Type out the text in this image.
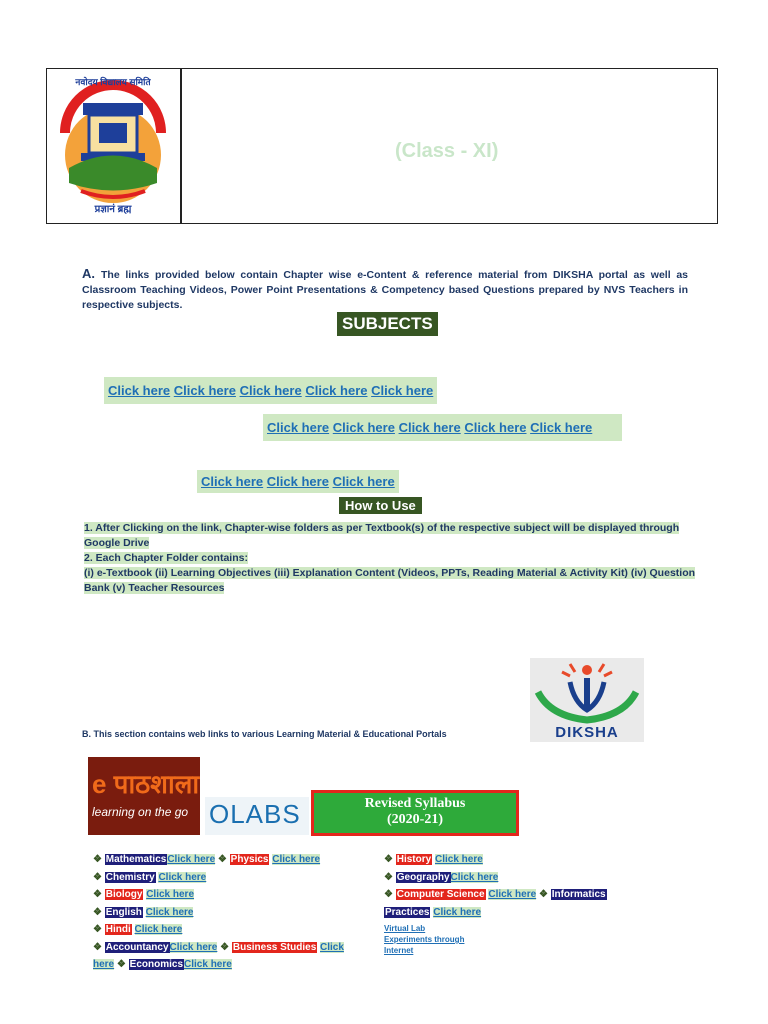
नवोदय विद्यालय समिति
प्रज्ञानं ब्रह्म
(Class - XI)
A. The links provided below contain Chapter wise e-Content & reference material from DIKSHA portal as well as Classroom Teaching Videos, Power Point Presentations & Competency based Questions prepared by NVS Teachers in respective subjects.
SUBJECTS
Click here Click here Click here Click here Click here
Click here Click here Click here Click here Click here
Click here Click here Click here
How to Use
1. After Clicking on the link, Chapter-wise folders as per Textbook(s) of the respective subject will be displayed through Google Drive
2. Each Chapter Folder contains:
(i) e-Textbook (ii) Learning Objectives (iii) Explanation Content (Videos, PPTs, Reading Material & Activity Kit) (iv) Question Bank (v) Teacher Resources
DIKSHA
B. This section contains web links to various Learning Material & Educational Portals
e पाठशाला
learning on the go OLABS	Revised Syllabus
(2020-21)
❖ MathematicsClick here ❖ Physics Click here
❖ Chemistry Click here
❖ Biology Click here
❖ English Click here
❖ Hindi Click here
❖ AccountancyClick here ❖ Business Studies Click
here ❖ EconomicsClick here
❖ History Click here
❖ GeographyClick here
❖ Computer Science Click here ❖ Informatics
Practices Click here
Virtual Lab
Experiments through
Internet
